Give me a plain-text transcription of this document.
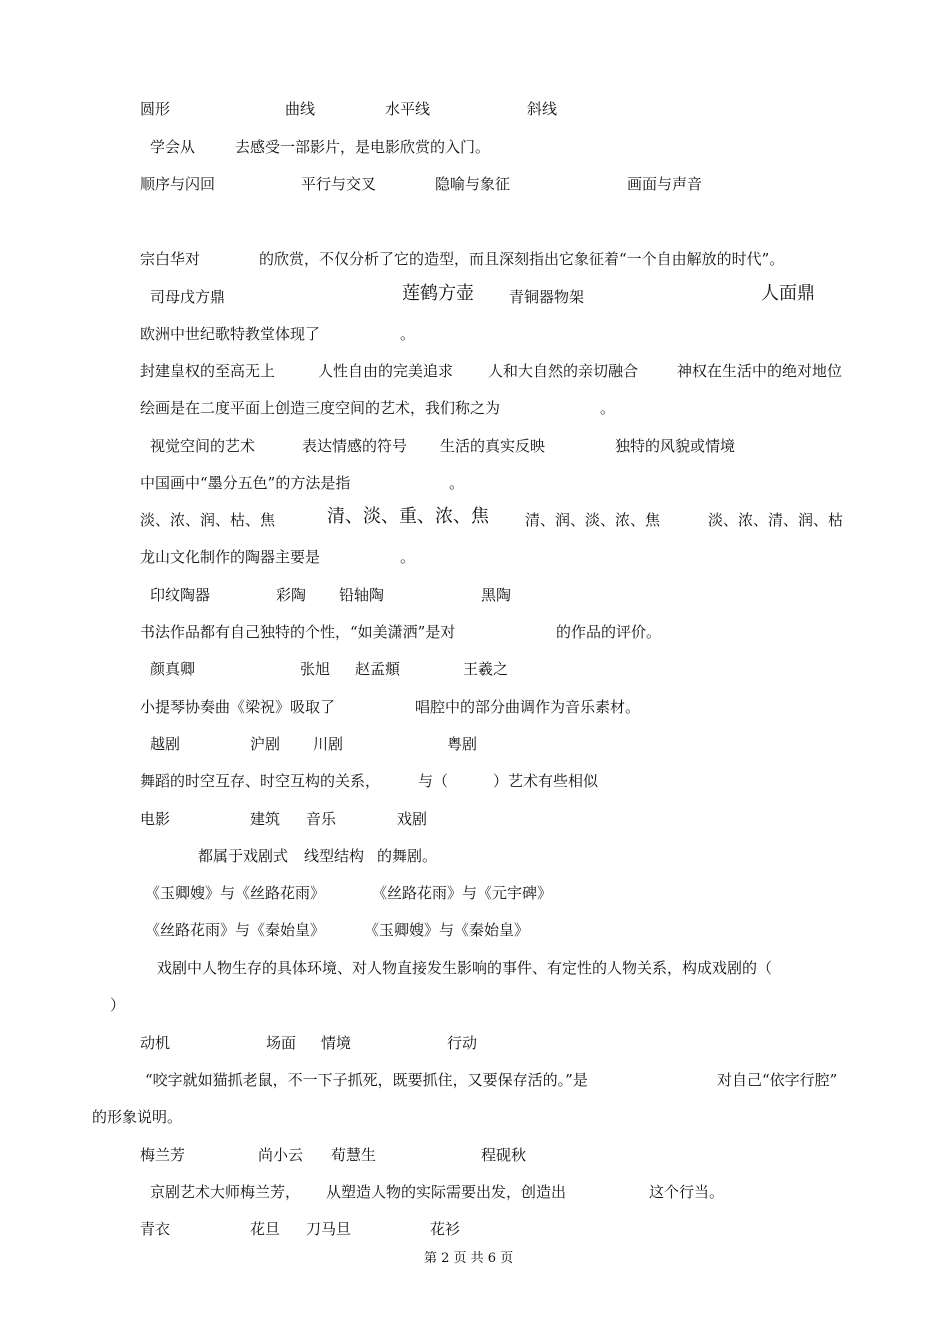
圆形	曲线	水平线	斜线
学会从	去感受一部影片，是电影欣赏的入门。
顺序与闪回	平行与交叉	隐喻与象征	画面与声音
宗白华对	的欣赏，不仅分析了它的造型，而且深刻指出它象征着“一个自由解放的时代”。
司母戊方鼎	莲鹤方壶 青铜器物架	人面鼎
欧洲中世纪歌特教堂体现了	。
封建皇权的至高无上	人性自由的完美追求 人和大自然的亲切融合	神权在生活中的绝对地位
绘画是在二度平面上创造三度空间的艺术，我们称之为	。
视觉空间的艺术	表达情感的符号 生活的真实反映	独特的风貌或情境
中国画中“墨分五色”的方法是指	。
淡、浓、润、枯、焦	清、淡、重、浓、焦 清、润、淡、浓、焦	淡、浓、清、润、枯
龙山文化制作的陶器主要是	。
印纹陶器	彩陶 铅轴陶	黑陶
书法作品都有自己独特的个性，“如美潇洒”是对	的作品的评价。
颜真卿	张旭 赵孟頫	王羲之
小提琴协奏曲《梁祝》吸取了	唱腔中的部分曲调作为音乐素材。
越剧	沪剧 川剧	粤剧
舞蹈的时空互存、时空互构的关系，	与（	）艺术有些相似
电影	建筑 音乐	戏剧
都属于戏剧式 线型结构 的舞剧。
《玉卿嫂》与《丝路花雨》	《丝路花雨》与《元宇碑》
《丝路花雨》与《秦始皇》	《玉卿嫂》与《秦始皇》
戏剧中人物生存的具体环境、对人物直接发生影响的事件、有定性的人物关系，构成戏剧的（
）
动机	场面 情境	行动
“咬字就如猫抓老鼠，不一下子抓死，既要抓住，又要保存活的。”是	对自己“依字行腔”
的形象说明。
梅兰芳	尚小云 荀慧生	程砚秋
京剧艺术大师梅兰芳， 从塑造人物的实际需要出发，创造出	这个行当。
青衣	花旦 刀马旦	花衫
第 2 页 共 6 页
